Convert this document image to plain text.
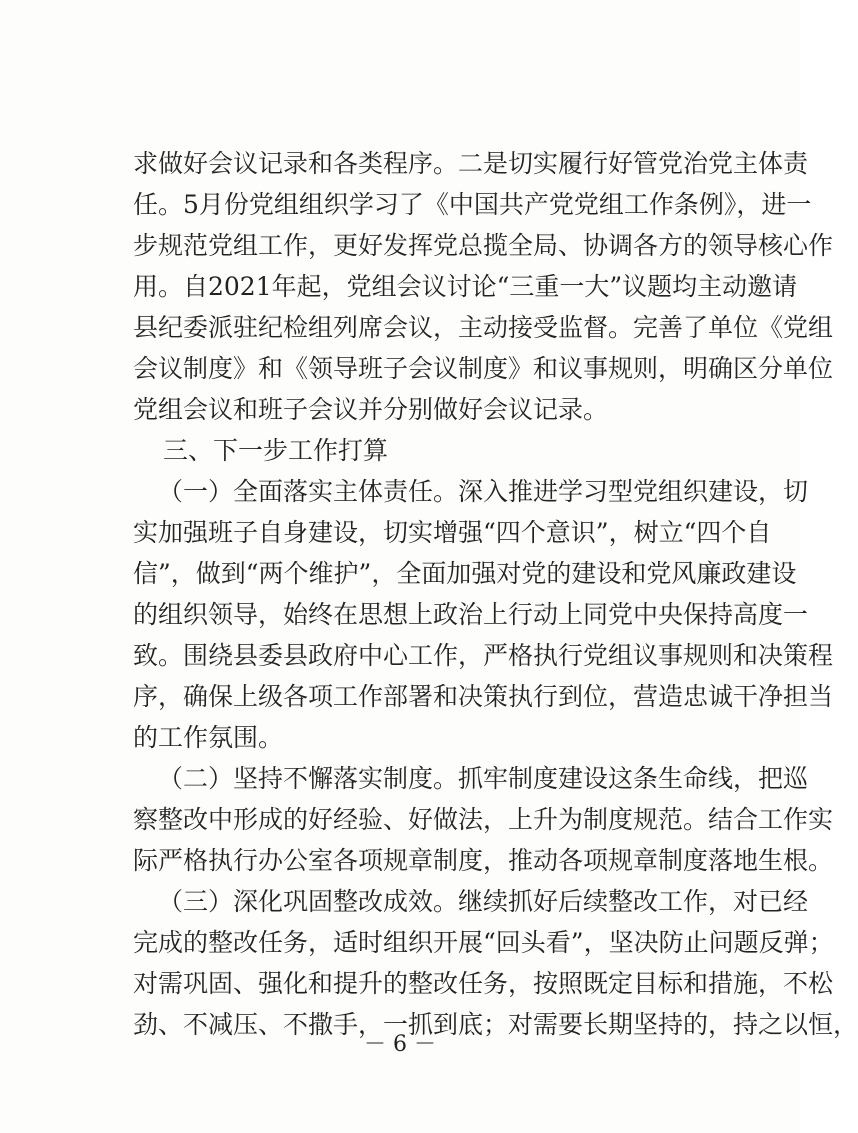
求做好会议记录和各类程序。二是切实履行好管党治党主体责
任。5月份党组组织学习了《中国共产党党组工作条例》，进一
步规范党组工作，更好发挥党总揽全局、协调各方的领导核心作
用。自2021年起，党组会议讨论“三重一大”议题均主动邀请
县纪委派驻纪检组列席会议，主动接受监督。完善了单位《党组
会议制度》和《领导班子会议制度》和议事规则，明确区分单位
党组会议和班子会议并分别做好会议记录。
三、下一步工作打算
（一）全面落实主体责任。深入推进学习型党组织建设，切
实加强班子自身建设，切实增强“四个意识”，树立“四个自
信”，做到“两个维护”，全面加强对党的建设和党风廉政建设
的组织领导，始终在思想上政治上行动上同党中央保持高度一
致。围绕县委县政府中心工作，严格执行党组议事规则和决策程
序，确保上级各项工作部署和决策执行到位，营造忠诚干净担当
的工作氛围。
（二）坚持不懈落实制度。抓牢制度建设这条生命线，把巡
察整改中形成的好经验、好做法，上升为制度规范。结合工作实
际严格执行办公室各项规章制度，推动各项规章制度落地生根。
（三）深化巩固整改成效。继续抓好后续整改工作，对已经
完成的整改任务，适时组织开展“回头看”，坚决防止问题反弹；
对需巩固、强化和提升的整改任务，按照既定目标和措施，不松
劲、不减压、不撒手，一抓到底；对需要长期坚持的，持之以恒，
－ 6 －
